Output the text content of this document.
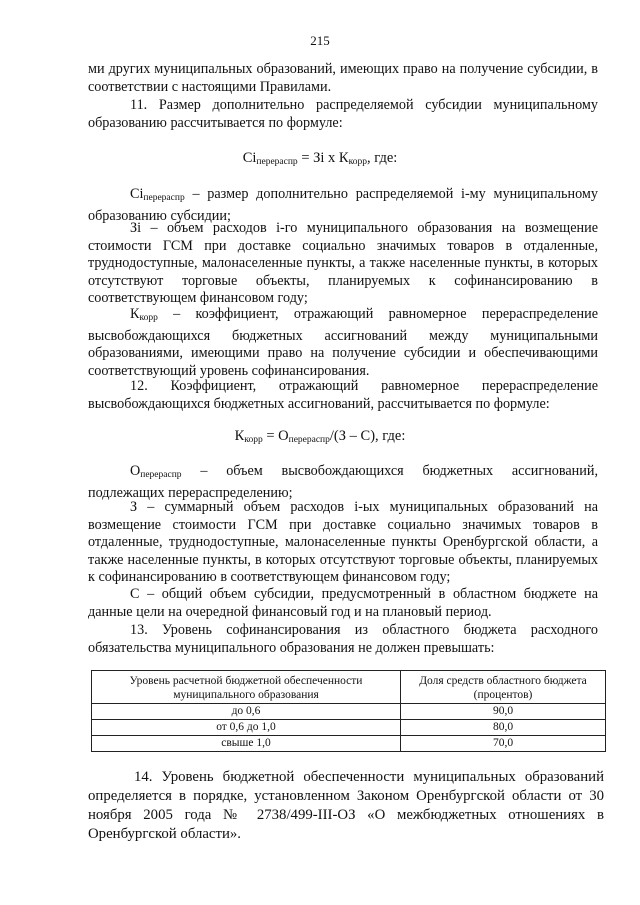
215

ми других муниципальных образований, имеющих право на получение субсидии, в соответствии с настоящими Правилами.

11. Размер дополнительно распределяемой субсидии муниципальному образованию рассчитывается по формуле:

$Ci_{перераспр}$ = Зi x $К_{корр}$, где:

$Ci_{перераспр}$ – размер дополнительно распределяемой i-му муниципальному образованию субсидии;

Зi – объем расходов i-го муниципального образования на возмещение стоимости ГСМ при доставке социально значимых товаров в отдаленные, труднодоступные, малонаселенные пункты, а также населенные пункты, в которых отсутствуют торговые объекты, планируемых к софинансированию в соответствующем финансовом году;

$К_{корр}$ – коэффициент, отражающий равномерное перераспределение высвобождающихся бюджетных ассигнований между муниципальными образованиями, имеющими право на получение субсидии и обеспечивающими соответствующий уровень софинансирования.

12. Коэффициент, отражающий равномерное перераспределение высвобождающихся бюджетных ассигнований, рассчитывается по формуле:

$К_{корр} = О_{перераспр}/(З - С)$, где:

$О_{перераспр}$ – объем высвобождающихся бюджетных ассигнований, подлежащих перераспределению;

З – суммарный объем расходов i-ых муниципальных образований на возмещение стоимости ГСМ при доставке социально значимых товаров в отдаленные, труднодоступные, малонаселенные пункты Оренбургской области, а также населенные пункты, в которых отсутствуют торговые объекты, планируемых к софинансированию в соответствующем финансовом году;

С – общий объем субсидии, предусмотренный в областном бюджете на данные цели на очередной финансовый год и на плановый период.

13. Уровень софинансирования из областного бюджета расходного обязательства муниципального образования не должен превышать:

Уровень расчетной бюджетной обеспеченности муниципального образования	Доля средств областного бюджета (процентов)
до 0,6	90,0
от 0,6 до 1,0	80,0
свыше 1,0	70,0

14. Уровень бюджетной обеспеченности муниципальных образований определяется в порядке, установленном Законом Оренбургской области от 30 ноября 2005 года № 2738/499-III-ОЗ «О межбюджетных отношениях в Оренбургской области».
